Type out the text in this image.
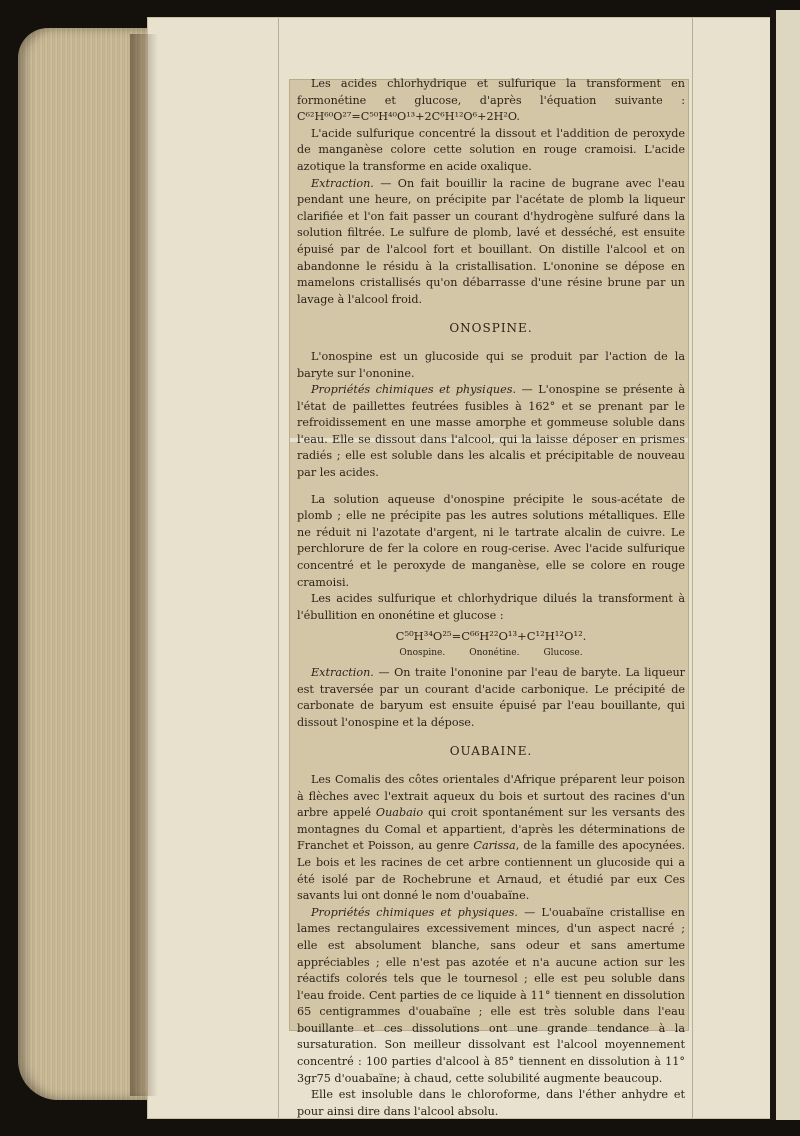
Les acides chlorhydrique et sulfurique la transforment en formonétine et glucose, d'après l'équation suivante : C⁶²H⁶⁰O²⁷=C⁵⁰H⁴⁰O¹³+2C⁶H¹²O⁶+2H²O.

L'acide sulfurique concentré la dissout et l'addition de peroxyde de manganèse colore cette solution en rouge cramoisi. L'acide azotique la transforme en acide oxalique.

Extraction. — On fait bouillir la racine de bugrane avec l'eau pendant une heure, on précipite par l'acétate de plomb la liqueur clarifiée et l'on fait passer un courant d'hydrogène sulfuré dans la solution filtrée. Le sulfure de plomb, lavé et desséché, est ensuite épuisé par de l'alcool fort et bouillant. On distille l'alcool et on abandonne le résidu à la cristallisation. L'ononine se dépose en mamelons cristallisés qu'on débarrasse d'une résine brune par un lavage à l'alcool froid.

ONOSPINE.

L'onospine est un glucoside qui se produit par l'action de la baryte sur l'ononine.

Propriétés chimiques et physiques. — L'onospine se présente à l'état de paillettes feutrées fusibles à 162° et se prenant par le refroidissement en une masse amorphe et gommeuse soluble dans l'eau. Elle se dissout dans l'alcool, qui la laisse déposer en prismes radiés ; elle est soluble dans les alcalis et précipitable de nouveau par les acides.

La solution aqueuse d'onospine précipite le sous-acétate de plomb ; elle ne précipite pas les autres solutions métalliques. Elle ne réduit ni l'azotate d'argent, ni le tartrate alcalin de cuivre. Le perchlorure de fer la colore en roug-cerise. Avec l'acide sulfurique concentré et le peroxyde de manganèse, elle se colore en rouge cramoisi.

Les acides sulfurique et chlorhydrique dilués la transforment à l'ébullition en ononétine et glucose :

C⁵⁰H³⁴O²⁵=C⁶⁶H²²O¹³+C¹²H¹²O¹².
Onospine.	Ononétine.	Glucose.

Extraction. — On traite l'ononine par l'eau de baryte. La liqueur est traversée par un courant d'acide carbonique. Le précipité de carbonate de baryum est ensuite épuisé par l'eau bouillante, qui dissout l'onospine et la dépose.

OUABAINE.

Les Comalis des côtes orientales d'Afrique préparent leur poison à flèches avec l'extrait aqueux du bois et surtout des racines d'un arbre appelé Ouabaio qui croit spontanément sur les versants des montagnes du Comal et appartient, d'après les déterminations de Franchet et Poisson, au genre Carissa, de la famille des apocynées. Le bois et les racines de cet arbre contiennent un glucoside qui a été isolé par de Rochebrune et Arnaud, et étudié par eux Ces savants lui ont donné le nom d'ouabaïne.

Propriétés chimiques et physiques. — L'ouabaïne cristallise en lames rectangulaires excessivement minces, d'un aspect nacré ; elle est absolument blanche, sans odeur et sans amertume appréciables ; elle n'est pas azotée et n'a aucune action sur les réactifs colorés tels que le tournesol ; elle est peu soluble dans l'eau froide. Cent parties de ce liquide à 11° tiennent en dissolution 65 centigrammes d'ouabaïne ; elle est très soluble dans l'eau bouillante et ces dissolutions ont une grande tendance à la sursaturation. Son meilleur dissolvant est l'alcool moyennement concentré : 100 parties d'alcool à 85° tiennent en dissolution à 11° 3gr75 d'ouabaïne; à chaud, cette solubilité augmente beaucoup.

Elle est insoluble dans le chloroforme, dans l'éther anhydre et pour ainsi dire dans l'alcool absolu.
